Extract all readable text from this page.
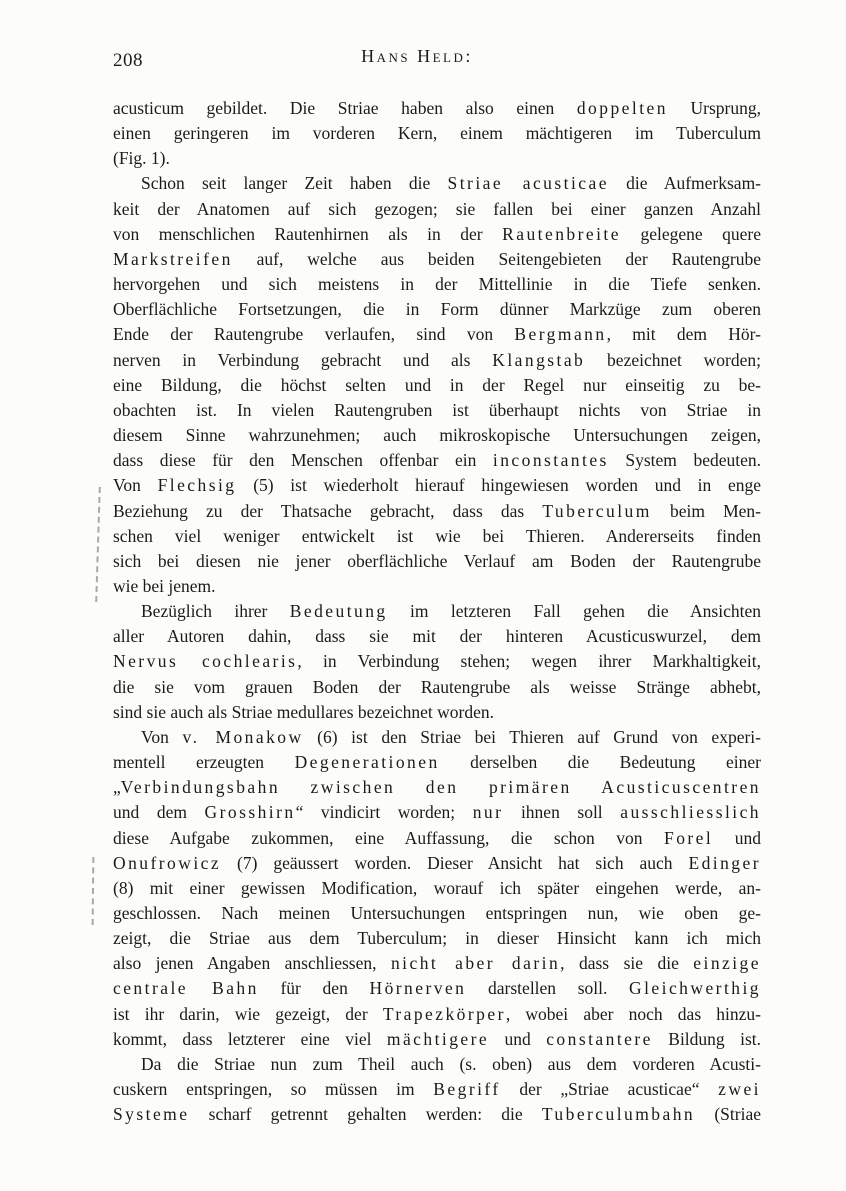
208	Hans Held:
acusticum gebildet. Die Striae haben also einen doppelten Ursprung,
einen geringeren im vorderen Kern, einem mächtigeren im Tuberculum
(Fig. 1).
Schon seit langer Zeit haben die Striae acusticae die Aufmerksam-
keit der Anatomen auf sich gezogen; sie fallen bei einer ganzen Anzahl
von menschlichen Rautenhirnen als in der Rautenbreite gelegene quere
Markstreifen auf, welche aus beiden Seitengebieten der Rautengrube
hervorgehen und sich meistens in der Mittellinie in die Tiefe senken.
Oberflächliche Fortsetzungen, die in Form dünner Markzüge zum oberen
Ende der Rautengrube verlaufen, sind von Bergmann, mit dem Hör-
nerven in Verbindung gebracht und als Klangstab bezeichnet worden;
eine Bildung, die höchst selten und in der Regel nur einseitig zu be-
obachten ist. In vielen Rautengruben ist überhaupt nichts von Striae in
diesem Sinne wahrzunehmen; auch mikroskopische Untersuchungen zeigen,
dass diese für den Menschen offenbar ein inconstantes System bedeuten.
Von Flechsig (5) ist wiederholt hierauf hingewiesen worden und in enge
Beziehung zu der Thatsache gebracht, dass das Tuberculum beim Men-
schen viel weniger entwickelt ist wie bei Thieren. Andererseits finden
sich bei diesen nie jener oberflächliche Verlauf am Boden der Rautengrube
wie bei jenem.
Bezüglich ihrer Bedeutung im letzteren Fall gehen die Ansichten
aller Autoren dahin, dass sie mit der hinteren Acusticuswurzel, dem
Nervus cochlearis, in Verbindung stehen; wegen ihrer Markhaltigkeit,
die sie vom grauen Boden der Rautengrube als weisse Stränge abhebt,
sind sie auch als Striae medullares bezeichnet worden.
Von v. Monakow (6) ist den Striae bei Thieren auf Grund von experi-
mentell erzeugten Degenerationen derselben die Bedeutung einer
„Verbindungsbahn zwischen den primären Acusticuscentren
und dem Grosshirn“ vindicirt worden; nur ihnen soll ausschliesslich
diese Aufgabe zukommen, eine Auffassung, die schon von Forel und
Onufrowicz (7) geäussert worden. Dieser Ansicht hat sich auch Edinger
(8) mit einer gewissen Modification, worauf ich später eingehen werde, an-
geschlossen. Nach meinen Untersuchungen entspringen nun, wie oben ge-
zeigt, die Striae aus dem Tuberculum; in dieser Hinsicht kann ich mich
also jenen Angaben anschliessen, nicht aber darin, dass sie die einzige
centrale Bahn für den Hörnerven darstellen soll. Gleichwerthig
ist ihr darin, wie gezeigt, der Trapezkörper, wobei aber noch das hinzu-
kommt, dass letzterer eine viel mächtigere und constantere Bildung ist.
Da die Striae nun zum Theil auch (s. oben) aus dem vorderen Acusti-
cuskern entspringen, so müssen im Begriff der „Striae acusticae“ zwei
Systeme scharf getrennt gehalten werden: die Tuberculumbahn (Striae
